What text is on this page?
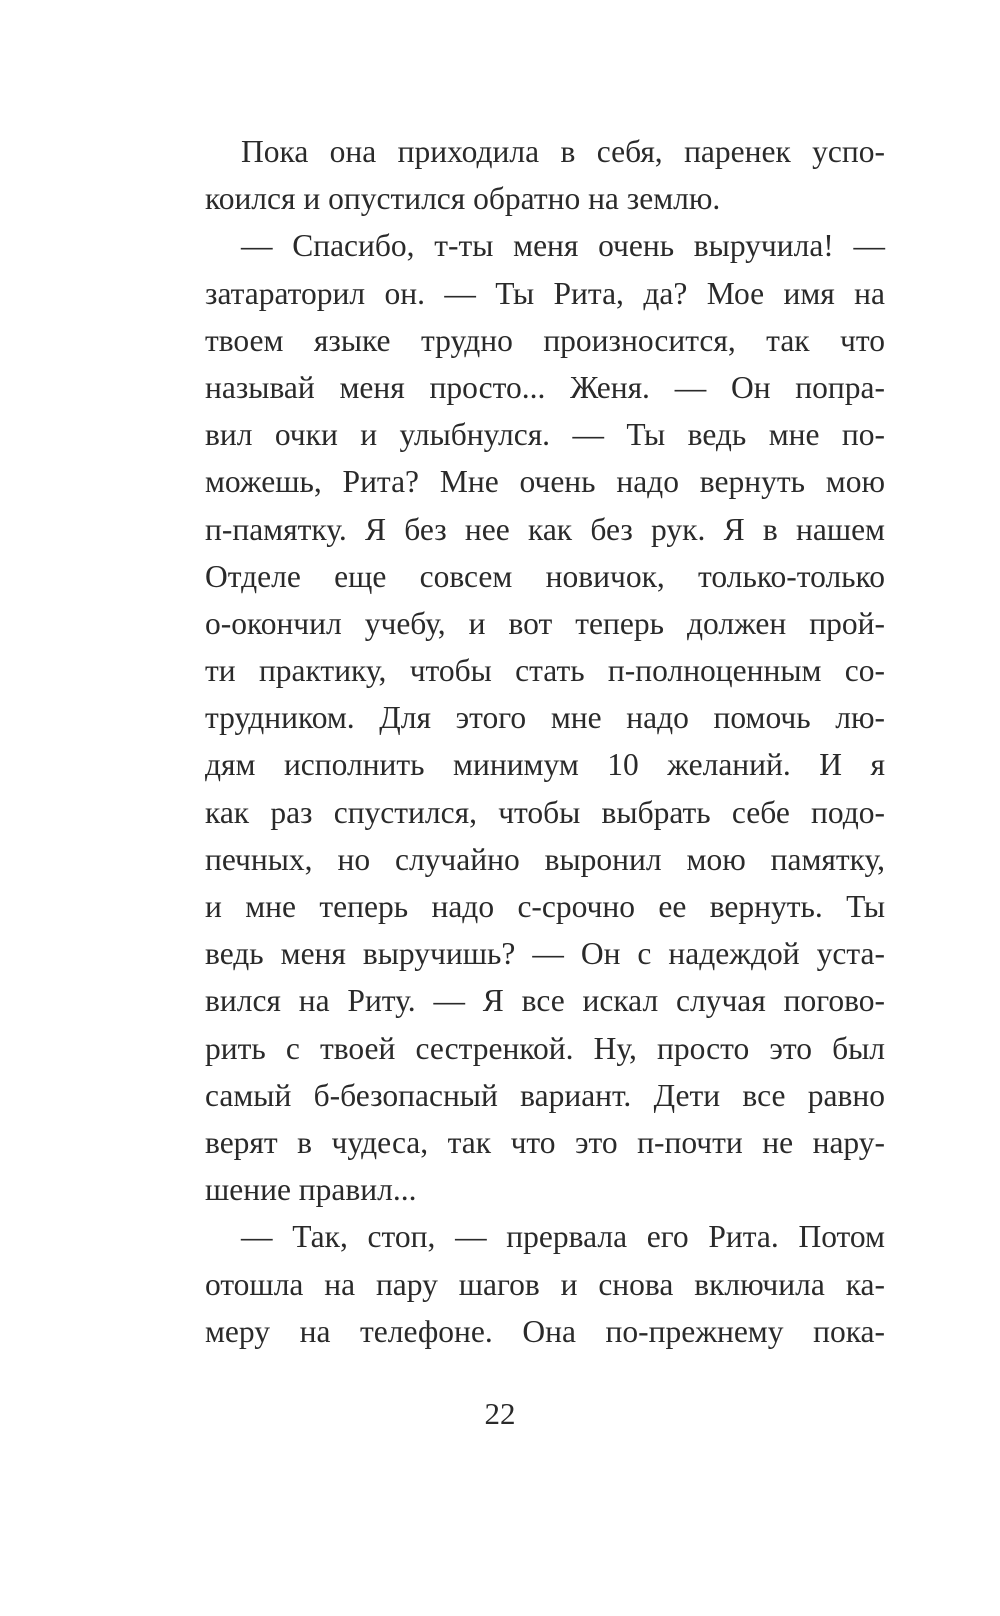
Пока она приходила в себя, паренек успо-
коился и опустился обратно на землю.
— Спасибо, т-ты меня очень выручила! —
затараторил он. — Ты Рита, да? Мое имя на
твоем языке трудно произносится, так что
называй меня просто... Женя. — Он попра-
вил очки и улыбнулся. — Ты ведь мне по-
можешь, Рита? Мне очень надо вернуть мою
п-памятку. Я без нее как без рук. Я в нашем
Отделе еще совсем новичок, только-только
о-окончил учебу, и вот теперь должен прой-
ти практику, чтобы стать п-полноценным со-
трудником. Для этого мне надо помочь лю-
дям исполнить минимум 10 желаний. И я
как раз спустился, чтобы выбрать себе подо-
печных, но случайно выронил мою памятку,
и мне теперь надо с-срочно ее вернуть. Ты
ведь меня выручишь? — Он с надеждой уста-
вился на Риту. — Я все искал случая погово-
рить с твоей сестренкой. Ну, просто это был
самый б-безопасный вариант. Дети все равно
верят в чудеса, так что это п-почти не нару-
шение правил...
— Так, стоп, — прервала его Рита. Потом
отошла на пару шагов и снова включила ка-
меру на телефоне. Она по-прежнему пока-
22
